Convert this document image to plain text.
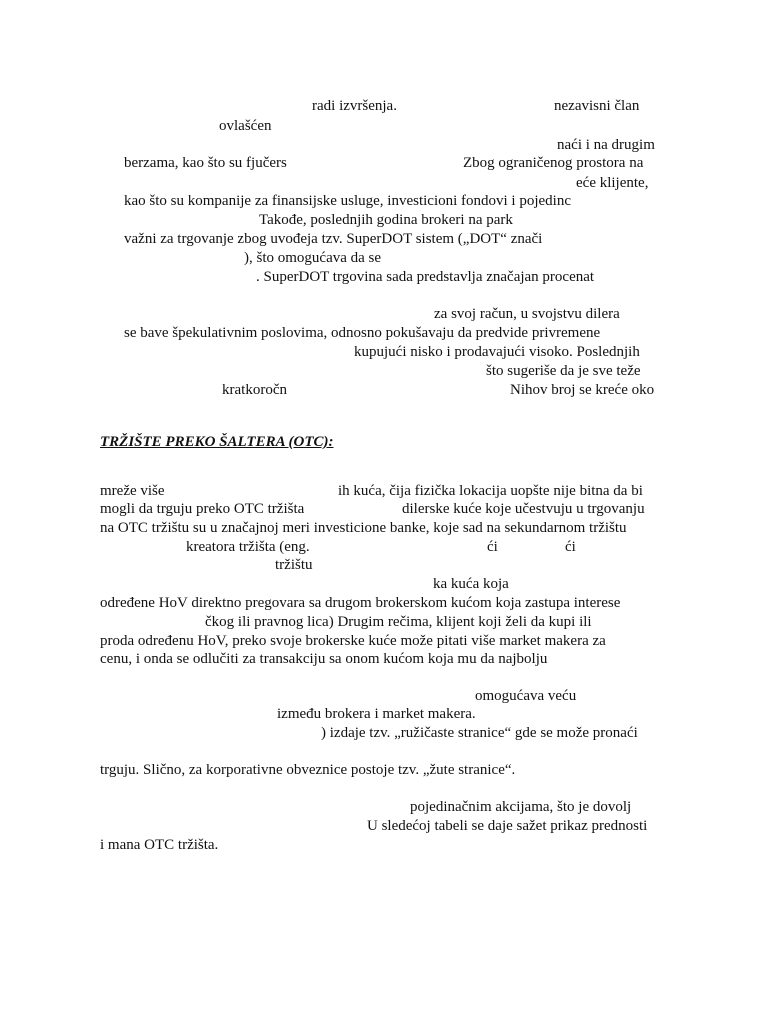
radi izvršenja.	nezavisni član
ovlašćen
naći i na drugim
berzama, kao što su fjučers	Zbog ograničenog prostora na
eće klijente,
kao što su kompanije za finansijske usluge, investicioni fondovi i pojedinc
Takođe, poslednjih godina brokeri na park
važni za trgovanje zbog uvođeja tzv. SuperDOT sistem („DOT“ znači
), što omogućava da se
. SuperDOT trgovina sada predstavlja značajan procenat
za svoj račun, u svojstvu dilera
se bave špekulativnim poslovima, odnosno pokušavaju da predvide privremene
kupujući nisko i prodavajući visoko. Poslednjih
što sugeriše da je sve teže
kratkoročn	Nihov broj se kreće oko
TRŽIŠTE PREKO ŠALTERA (OTC):
mreže više	ih kuća, čija fizička lokacija uopšte nije bitna da bi
mogli da trguju preko OTC tržišta	dilerske kuće koje učestvuju u trgovanju
na OTC tržištu su u značajnoj meri investicione banke, koje sad na sekundarnom tržištu
kreatora tržišta (eng.	ći	ći
tržištu
ka kuća koja
određene HoV direktno pregovara sa drugom brokerskom kućom koja zastupa interese
čkog ili pravnog lica) Drugim rečima, klijent koji želi da kupi ili
proda određenu HoV, preko svoje brokerske kuće može pitati više market makera za
cenu, i onda se odlučiti za transakciju sa onom kućom koja mu da najbolju
omogućava veću
između brokera i market makera.
) izdaje tzv. „ružičaste stranice“ gde se može pronaći
trguju. Slično, za korporativne obveznice postoje tzv. „žute stranice“.
pojedinačnim akcijama, što je dovolj
U sledećoj tabeli se daje sažet prikaz prednosti
i mana OTC tržišta.
